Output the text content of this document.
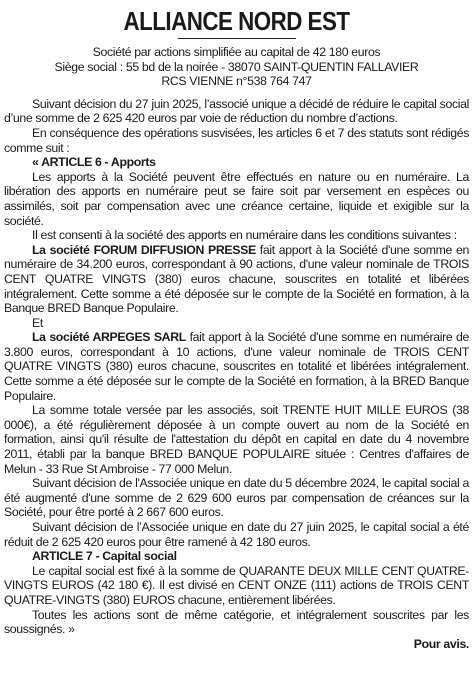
ALLIANCE NORD EST
Société par actions simplifiée au capital de 42 180 euros
Siège social : 55 bd de la noirée - 38070 SAINT-QUENTIN FALLAVIER
RCS VIENNE n°538 764 747

Suivant décision du 27 juin 2025, l’associé unique a décidé de réduire le capital social d’une somme de 2 625 420 euros par voie de réduction du nombre d’actions.

En conséquence des opérations susvisées, les articles 6 et 7 des statuts sont rédigés comme suit :

« ARTICLE 6 - Apports

Les apports à la Société peuvent être effectués en nature ou en numéraire. La libération des apports en numéraire peut se faire soit par versement en espèces ou assimilés, soit par compensation avec une créance certaine, liquide et exigible sur la société.

Il est consenti à la société des apports en numéraire dans les conditions suivantes :

La société FORUM DIFFUSION PRESSE fait apport à la Société d'une somme en numéraire de 34.200 euros, correspondant à 90 actions, d'une valeur nominale de TROIS CENT QUATRE VINGTS (380) euros chacune, souscrites en totalité et libérées intégralement. Cette somme a été déposée sur le compte de la Société en formation, à la Banque BRED Banque Populaire.

Et

La société ARPEGES SARL fait apport à la Société d'une somme en numéraire de 3.800 euros, correspondant à 10 actions, d'une valeur nominale de TROIS CENT QUATRE VINGTS (380) euros chacune, souscrites en totalité et libérées intégralement. Cette somme a été déposée sur le compte de la Société en formation, à la BRED Banque Populaire.

La somme totale versée par les associés, soit TRENTE HUIT MILLE EUROS (38 000€), a été régulièrement déposée à un compte ouvert au nom de la Société en formation, ainsi qu'il résulte de l'attestation du dépôt en capital en date du 4 novembre 2011, établi par la banque BRED BANQUE POPULAIRE située : Centres d'affaires de Melun - 33 Rue St Ambroise - 77 000 Melun.

Suivant décision de l'Associée unique en date du 5 décembre 2024, le capital social a été augmenté d'une somme de 2 629 600 euros par compensation de créances sur la Société, pour être porté à 2 667 600 euros.

Suivant décision de l’Associée unique en date du 27 juin 2025, le capital social a été réduit de 2 625 420 euros pour être ramené à 42 180 euros.

ARTICLE 7 - Capital social

Le capital social est fixé à la somme de QUARANTE DEUX MILLE CENT QUATRE-VINGTS EUROS (42 180 €). Il est divisé en CENT ONZE (111) actions de TROIS CENT QUATRE-VINGTS (380) EUROS chacune, entièrement libérées.

Toutes les actions sont de même catégorie, et intégralement souscrites par les soussignés. »

Pour avis.
